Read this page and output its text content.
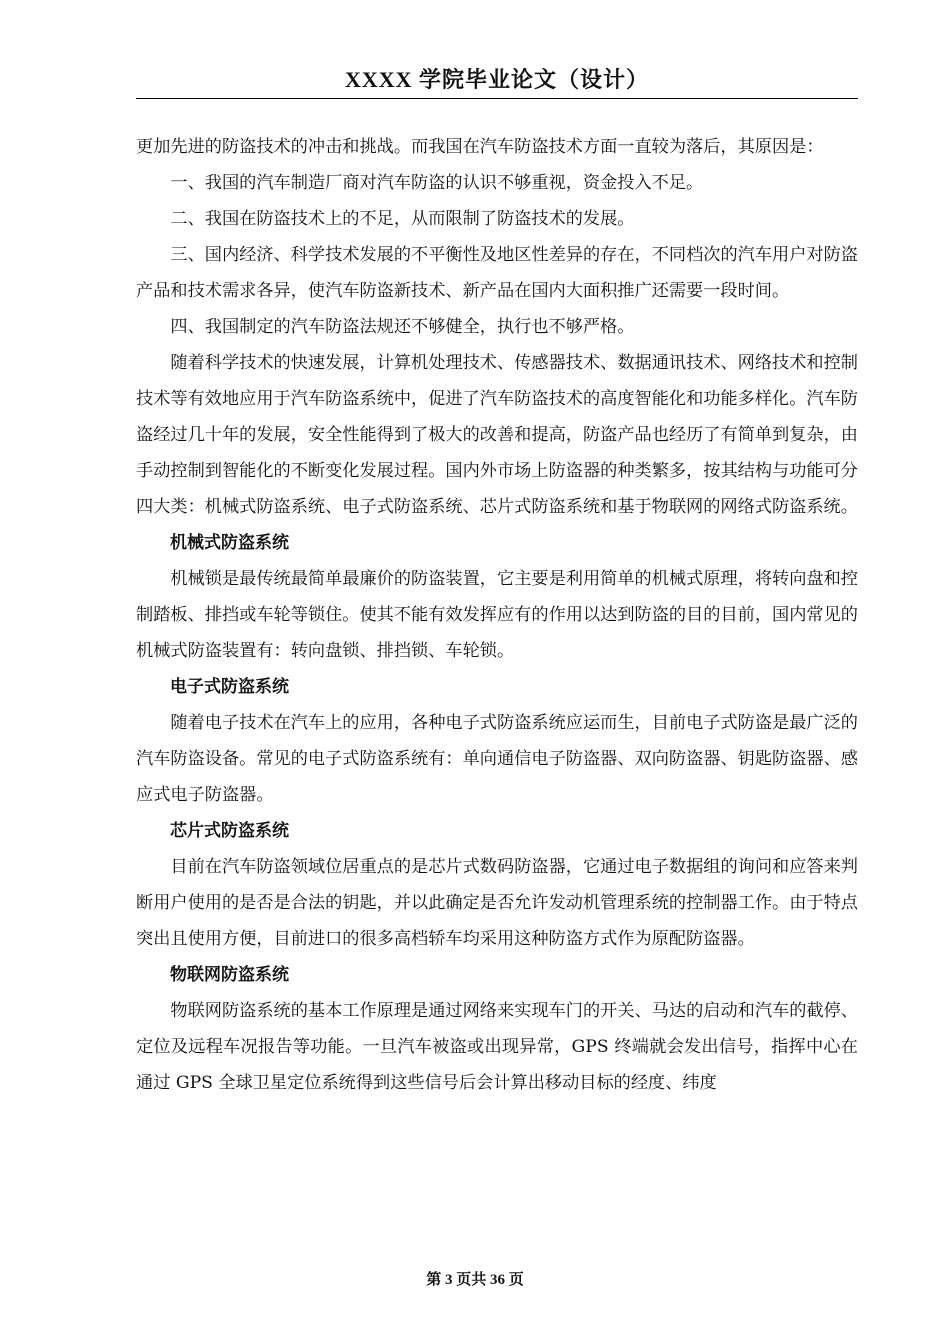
XXXX 学院毕业论文（设计）

更加先进的防盗技术的冲击和挑战。而我国在汽车防盗技术方面一直较为落后，其原因是：

一、我国的汽车制造厂商对汽车防盗的认识不够重视，资金投入不足。

二、我国在防盗技术上的不足，从而限制了防盗技术的发展。

三、国内经济、科学技术发展的不平衡性及地区性差异的存在，不同档次的汽车用户对防盗产品和技术需求各异，使汽车防盗新技术、新产品在国内大面积推广还需要一段时间。

四、我国制定的汽车防盗法规还不够健全，执行也不够严格。

随着科学技术的快速发展，计算机处理技术、传感器技术、数据通讯技术、网络技术和控制技术等有效地应用于汽车防盗系统中，促进了汽车防盗技术的高度智能化和功能多样化。汽车防盗经过几十年的发展，安全性能得到了极大的改善和提高，防盗产品也经历了有简单到复杂，由手动控制到智能化的不断变化发展过程。国内外市场上防盗器的种类繁多，按其结构与功能可分四大类：机械式防盗系统、电子式防盗系统、芯片式防盗系统和基于物联网的网络式防盗系统。

机械式防盗系统

机械锁是最传统最简单最廉价的防盗装置，它主要是利用简单的机械式原理，将转向盘和控制踏板、排挡或车轮等锁住。使其不能有效发挥应有的作用以达到防盗的目的目前，国内常见的机械式防盗装置有：转向盘锁、排挡锁、车轮锁。

电子式防盗系统

随着电子技术在汽车上的应用，各种电子式防盗系统应运而生，目前电子式防盗是最广泛的汽车防盗设备。常见的电子式防盗系统有：单向通信电子防盗器、双向防盗器、钥匙防盗器、感应式电子防盗器。

芯片式防盗系统

目前在汽车防盗领域位居重点的是芯片式数码防盗器，它通过电子数据组的询问和应答来判断用户使用的是否是合法的钥匙，并以此确定是否允许发动机管理系统的控制器工作。由于特点突出且使用方便，目前进口的很多高档轿车均采用这种防盗方式作为原配防盗器。

物联网防盗系统

物联网防盗系统的基本工作原理是通过网络来实现车门的开关、马达的启动和汽车的截停、定位及远程车况报告等功能。一旦汽车被盗或出现异常，GPS 终端就会发出信号，指挥中心在通过 GPS 全球卫星定位系统得到这些信号后会计算出移动目标的经度、纬度

第 3 页共 36 页
